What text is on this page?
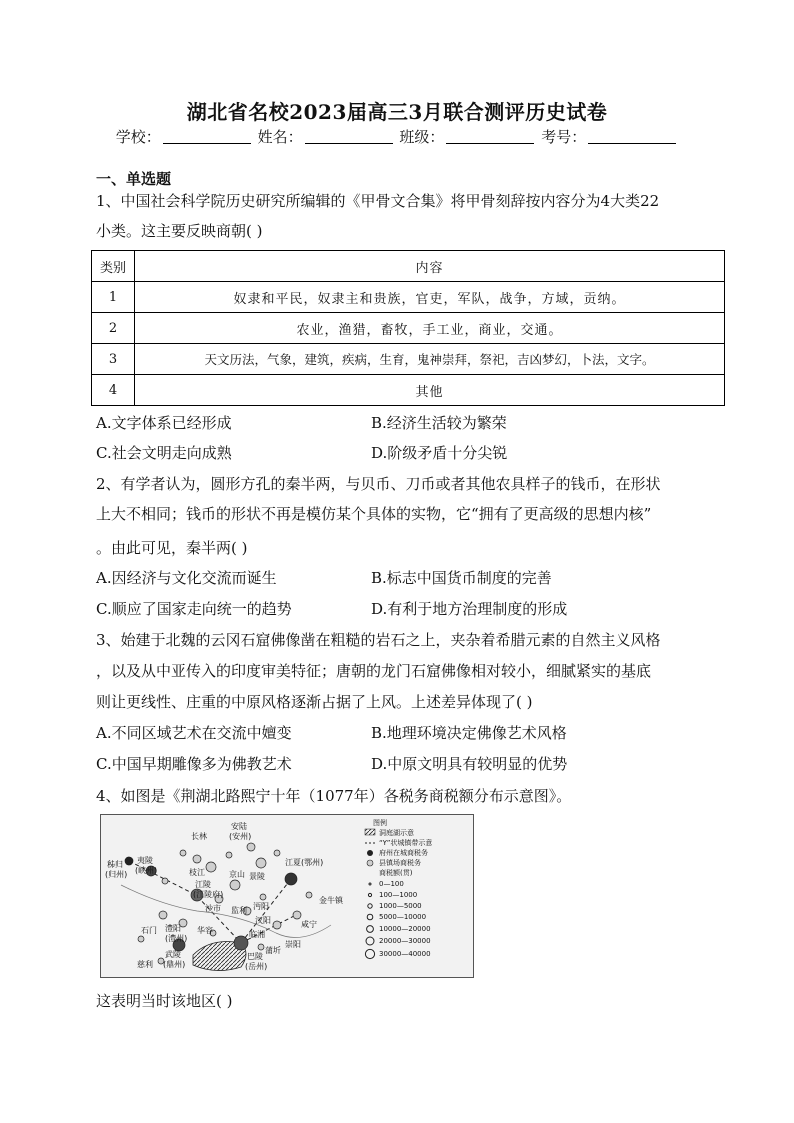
湖北省名校2023届高三3月联合测评历史试卷
学校：	姓名：	班级：	考号：
一、单选题
1、中国社会科学院历史研究所编辑的《甲骨文合集》将甲骨刻辞按内容分为4大类22
小类。这主要反映商朝( )
类别	内容
1	奴隶和平民，奴隶主和贵族，官吏，军队，战争，方域，贡纳。
2	农业，渔猎，畜牧，手工业，商业，交通。
3	天文历法，气象，建筑，疾病，生育，鬼神崇拜，祭祀，吉凶梦幻，卜法，文字。
4	其他
A.文字体系已经形成	B.经济生活较为繁荣
C.社会文明走向成熟	D.阶级矛盾十分尖锐
2、有学者认为，圆形方孔的秦半两，与贝币、刀币或者其他农具样子的钱币，在形状
上大不相同；钱币的形状不再是模仿某个具体的实物，它“拥有了更高级的思想内核”
。由此可见，秦半两( )
A.因经济与文化交流而诞生	B.标志中国货币制度的完善
C.顺应了国家走向统一的趋势	D.有利于地方治理制度的形成
3、始建于北魏的云冈石窟佛像凿在粗糙的岩石之上，夹杂着希腊元素的自然主义风格
，以及从中亚传入的印度审美特征；唐朝的龙门石窟佛像相对较小，细腻紧实的基底
则让更线性、庄重的中原风格逐渐占据了上风。上述差异体现了( )
A.不同区域艺术在交流中嬗变	B.地理环境决定佛像艺术风格
C.中国早期雕像多为佛教艺术	D.中原文明具有较明显的优势
4、如图是《荆湖北路熙宁十年（1077年）各税务商税额分布示意图》。
安陆
(安州)
长林
枝江	京山
江陵
(江陵府)
景陵
沙市
江夏(鄂州)
金牛镇
秭归
(归州)
夷陵
(峡州)
澧阳
(澧州)
石门	华容
监利 沔阳
汉阳	咸宁
临湘
蒲圻
崇阳
武陵
(鼎州)
巴陵
(岳州)
慈利
图例
洞庭湖示意
“Y”状城镇带示意
府州在城商税务
县镇场商税务
商税额(贯)
0—100
100—1000
1000—5000
5000—10000
10000—20000
20000—30000
30000—40000
这表明当时该地区( )
